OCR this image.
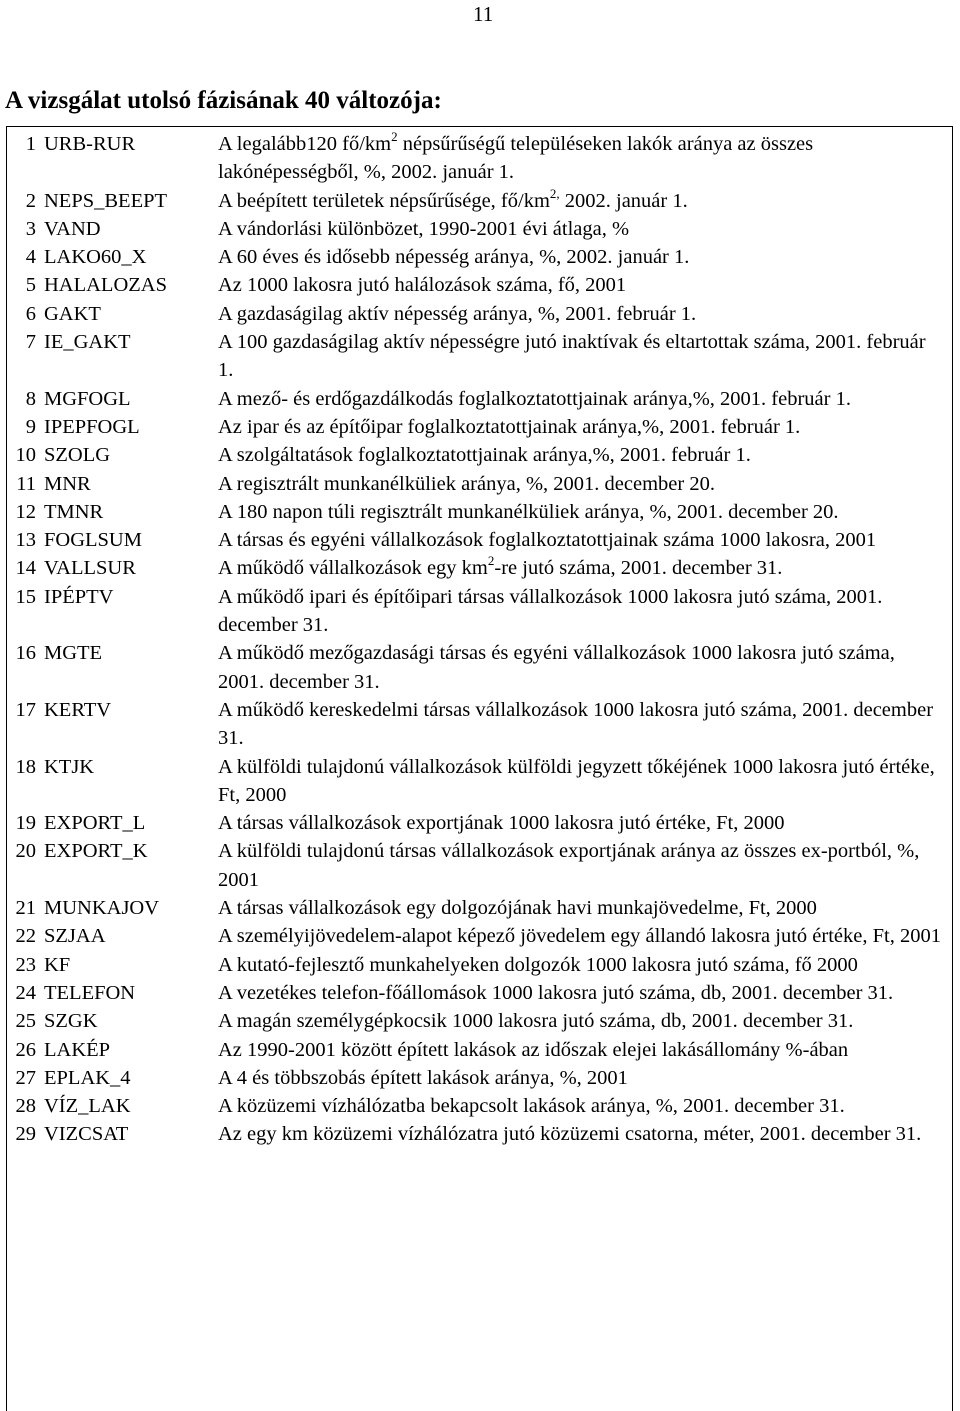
11
A vizsgálat utolsó fázisának 40 változója:
1	URB-RUR	A legalább120 $fő/km^2$ népsűrűségű településeken lakók aránya az összes lakónépességből, %, 2002. január 1.
2	NEPS_BEEPT	A beépített területek népsűrűsége, $fő/km^{2,}$ 2002. január 1.
3	VAND	A vándorlási különbözet, 1990-2001 évi átlaga, %
4	LAKO60_X	A 60 éves és idősebb népesség aránya, %, 2002. január 1.
5	HALALOZAS	Az 1000 lakosra jutó halálozások száma, fő, 2001
6	GAKT	A gazdaságilag aktív népesség aránya, %, 2001. február 1.
7	IE_GAKT	A 100 gazdaságilag aktív népességre jutó inaktívak és eltartottak száma, 2001. február 1.
8	MGFOGL	A mező- és erdőgazdálkodás foglalkoztatottjainak aránya,%, 2001. február 1.
9	IPEPFOGL	Az ipar és az építőipar foglalkoztatottjainak aránya,%, 2001. február 1.
10	SZOLG	A szolgáltatások foglalkoztatottjainak aránya,%, 2001. február 1.
11	MNR	A regisztrált munkanélküliek aránya, %, 2001. december 20.
12	TMNR	A 180 napon túli regisztrált munkanélküliek aránya, %, 2001. december 20.
13	FOGLSUM	A társas és egyéni vállalkozások foglalkoztatottjainak száma 1000 lakosra, 2001
14	VALLSUR	A működő vállalkozások egy $km^2-re$ jutó száma, 2001. december 31.
15	IPÉPTV	A működő ipari és építőipari társas vállalkozások 1000 lakosra jutó száma, 2001. december 31.
16	MGTE	A működő mezőgazdasági társas és egyéni vállalkozások 1000 lakosra jutó száma, 2001. december 31.
17	KERTV	A működő kereskedelmi társas vállalkozások 1000 lakosra jutó száma, 2001. december 31.
18	KTJK	A külföldi tulajdonú vállalkozások külföldi jegyzett tőkéjének 1000 lakosra jutó értéke, Ft, 2000
19	EXPORT_L	A társas vállalkozások exportjának 1000 lakosra jutó értéke, Ft, 2000
20	EXPORT_K	A külföldi tulajdonú társas vállalkozások exportjának aránya az összes ex-portból, %, 2001
21	MUNKAJOV	A társas vállalkozások egy dolgozójának havi munkajövedelme, Ft, 2000
22	SZJAA	A személyijövedelem-alapot képező jövedelem egy állandó lakosra jutó értéke, Ft, 2001
23	KF	A kutató-fejlesztő munkahelyeken dolgozók 1000 lakosra jutó száma, fő 2000
24	TELEFON	A vezetékes telefon-főállomások 1000 lakosra jutó száma, db, 2001. december 31.
25	SZGK	A magán személygépkocsik 1000 lakosra jutó száma, db, 2001. december 31.
26	LAKÉP	Az 1990-2001 között épített lakások az időszak elejei lakásállomány %-ában
27	EPLAK_4	A 4 és többszobás épített lakások aránya, %, 2001
28	VÍZ_LAK	A közüzemi vízhálózatba bekapcsolt lakások aránya, %, 2001. december 31.
29	VIZCSAT	Az egy km közüzemi vízhálózatra jutó közüzemi csatorna, méter, 2001. december 31.
